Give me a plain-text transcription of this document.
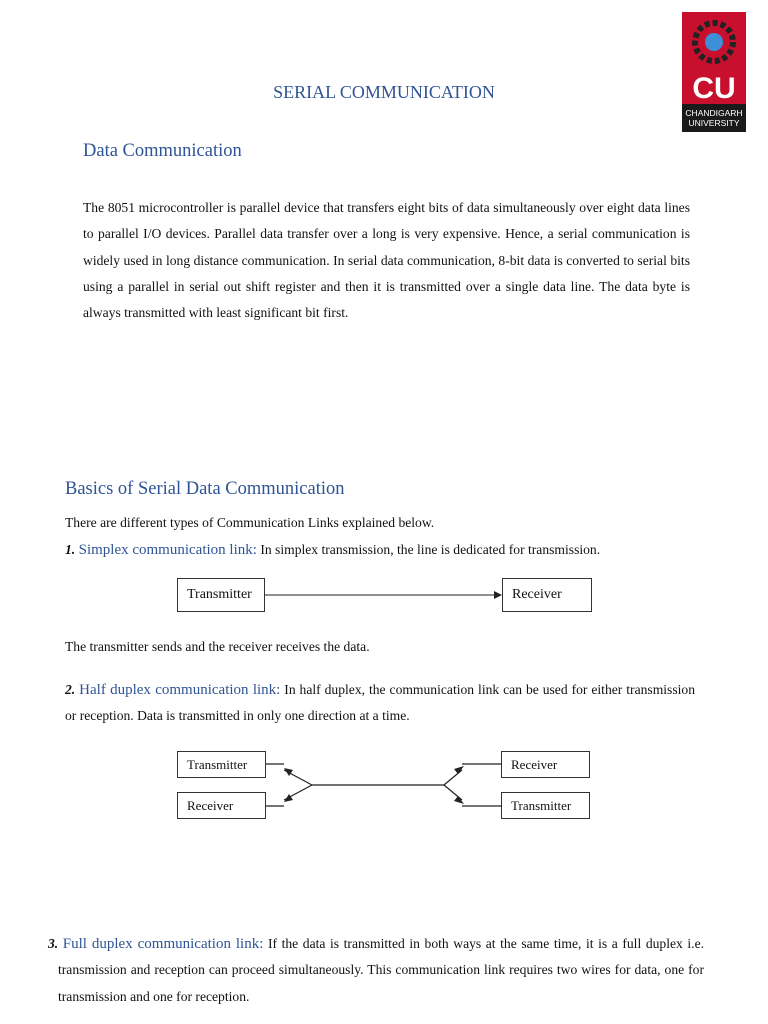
CU
CHANDIGARH
UNIVERSITY
SERIAL COMMUNICATION
Data Communication
The 8051 microcontroller is parallel device that transfers eight bits of data simultaneously over eight data lines to parallel I/O devices. Parallel data transfer over a long is very expensive. Hence, a serial communication is widely used in long distance communication. In serial data communication, 8-bit data is converted to serial bits using a parallel in serial out shift register and then it is transmitted over a single data line. The data byte is always transmitted with least significant bit first.
Basics of Serial Data Communication
There are different types of Communication Links explained below.
1. Simplex communication link: In simplex transmission, the line is dedicated for transmission.
Transmitter	Receiver
The transmitter sends and the receiver receives the data.
2. Half duplex communication link: In half duplex, the communication link can be used for either transmission or reception. Data is transmitted in only one direction at a time.
Transmitter
Receiver
Receiver
Transmitter
3. Full duplex communication link: If the data is transmitted in both ways at the same time, it is a full duplex i.e. transmission and reception can proceed simultaneously. This communication link requires two wires for data, one for transmission and one for reception.
